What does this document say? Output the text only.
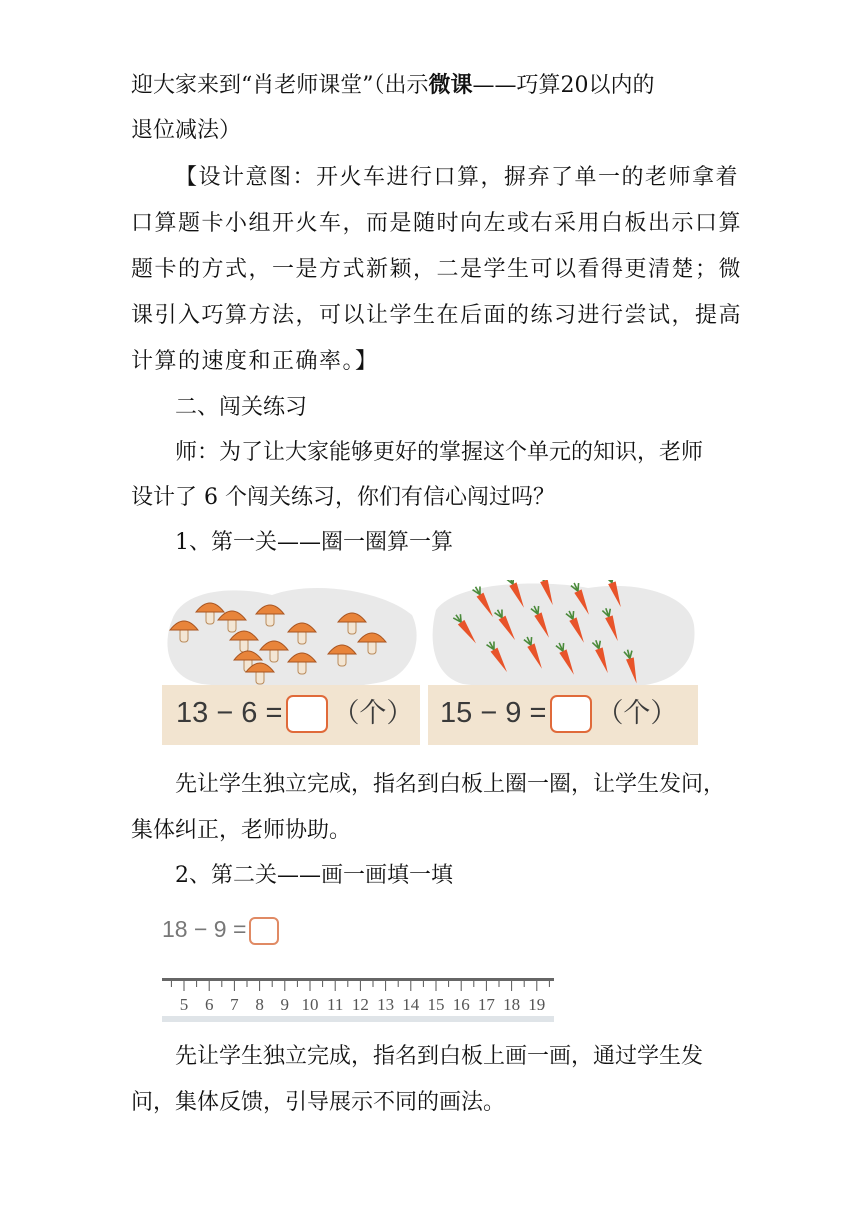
迎大家来到“肖老师课堂”（出示微课——巧算20以内的
退位减法）
【设计意图：开火车进行口算，摒弃了单一的老师拿着
口算题卡小组开火车，而是随时向左或右采用白板出示口算
题卡的方式，一是方式新颖，二是学生可以看得更清楚；微
课引入巧算方法，可以让学生在后面的练习进行尝试，提高
计算的速度和正确率。】
二、闯关练习
师：为了让大家能够更好的掌握这个单元的知识，老师
设计了 6 个闯关练习，你们有信心闯过吗？
1、第一关——圈一圈算一算
13 − 6 = （个） 15 − 9 = （个）
先让学生独立完成，指名到白板上圈一圈，让学生发问，
集体纠正，老师协助。
2、第二关——画一画填一填
18 − 9 =
5 6 7 8 9 10 11 12 13 14 15 16 17 18 19
先让学生独立完成，指名到白板上画一画，通过学生发
问，集体反馈，引导展示不同的画法。
